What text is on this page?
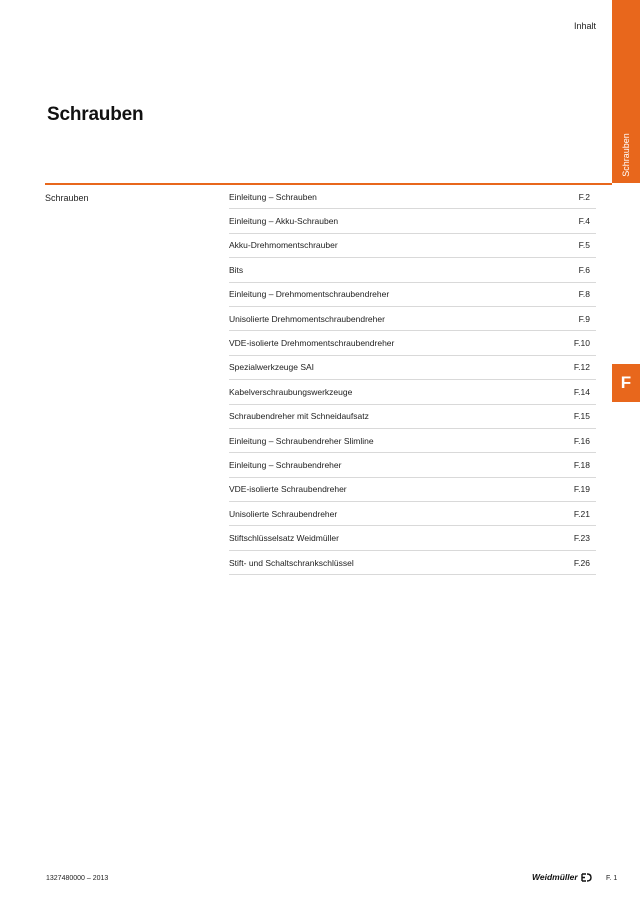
Inhalt
Schrauben
F
Schrauben
Schrauben	Einleitung – Schrauben	F.2
Einleitung – Akku-Schrauben	F.4
Akku-Drehmomentschrauber	F.5
Bits	F.6
Einleitung – Drehmomentschraubendreher	F.8
Unisolierte Drehmomentschraubendreher	F.9
VDE-isolierte Drehmomentschraubendreher	F.10
Spezialwerkzeuge SAI	F.12
Kabelverschraubungswerkzeuge	F.14
Schraubendreher mit Schneidaufsatz	F.15
Einleitung – Schraubendreher Slimline	F.16
Einleitung – Schraubendreher	F.18
VDE-isolierte Schraubendreher	F.19
Unisolierte Schraubendreher	F.21
Stiftschlüsselsatz Weidmüller	F.23
Stift- und Schaltschrankschlüssel	F.26
1327480000 – 2013	Weidmüller	F. 1
